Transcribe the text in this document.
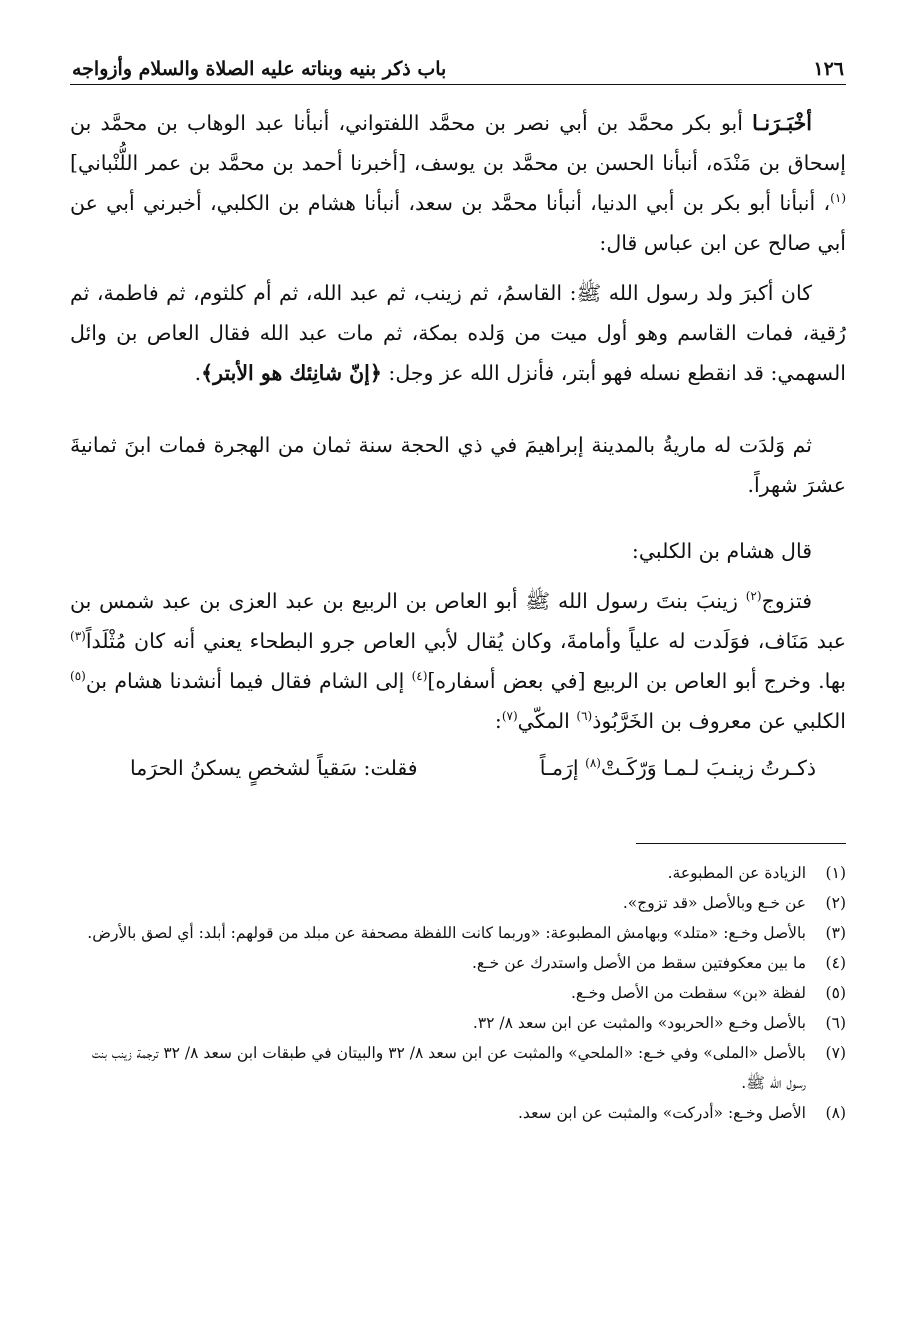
١٢٦
باب ذكر بنيه وبناته عليه الصلاة والسلام وأزواجه

أخْبَـرَنـا أبو بكر محمَّد بن أبي نصر بن محمَّد اللفتواني، أنبأنا عبد الوهاب بن محمَّد بن إسحاق بن مَنْدَه، أنبأنا الحسن بن محمَّد بن يوسف، [أخبرنا أحمد بن محمَّد بن عمر اللُّنْباني]$^{(١)}$، أنبأنا أبو بكر بن أبي الدنيا، أنبأنا محمَّد بن سعد، أنبأنا هشام بن الكلبي، أخبرني أبي عن أبي صالح عن ابن عباس قال:

كان أكبرَ ولد رسول الله ﷺ: القاسمُ، ثم زينب، ثم عبد الله، ثم أم كلثوم، ثم فاطمة، ثم رُقية، فمات القاسم وهو أول ميت من وَلده بمكة، ثم مات عبد الله فقال العاص بن وائل السهمي: قد انقطع نسله فهو أبتر، فأنزل الله عز وجل: ﴿إنّ شانِئك هو الأبتر﴾.

ثم وَلدَت له ماريةُ بالمدينة إبراهيمَ في ذي الحجة سنة ثمان من الهجرة فمات ابنَ ثمانيةَ عشرَ شهراً.

قال هشام بن الكلبي:

فتزوج$^{(٢)}$ زينبَ بنتَ رسول الله ﷺ أبو العاص بن الربيع بن عبد العزى بن عبد شمس بن عبد مَنَاف، فوَلَدت له علياً وأمامةَ، وكان يُقال لأبي العاص جرو البطحاء يعني أنه كان مُثْلَداً$^{(٣)}$ بها. وخرج أبو العاص بن الربيع [في بعض أسفاره]$^{(٤)}$ إلى الشام فقال فيما أنشدنا هشام بن$^{(٥)}$ الكلبي عن معروف بن الخَرَّبُوذ$^{(٦)}$ المكّي$^{(٧)}$:

ذكـرتُ زينـبَ لـمـا وَرّكَـتْ$^{(٨)}$ إرَمـاً
فقلت: سَقياً لشخصٍ يسكنُ الحرَما
(١)
الزيادة عن المطبوعة.
(٢)
عن خـع وبالأصل «قد تزوج».
(٣)
بالأصل وخـع: «متلد» وبهامش المطبوعة: «وربما كانت اللفظة مصحفة عن مبلد من قولهم: أبلد: أي لصق بالأرض.
(٤)
ما بين معكوفتين سقط من الأصل واستدرك عن خـع.
(٥)
لفظة «بن» سقطت من الأصل وخـع.
(٦)
بالأصل وخـع «الحربود» والمثبت عن ابن سعد ٨/ ٣٢.
(٧)
بالأصل «الملى» وفي خـع: «الملحي» والمثبت عن ابن سعد ٨/ ٣٢ والبيتان في طبقات ابن سعد ٨/ ٣٢ ترجمة زينب بنت رسول الله ﷺ.
(٨)
الأصل وخـع: «أدركت» والمثبت عن ابن سعد.
